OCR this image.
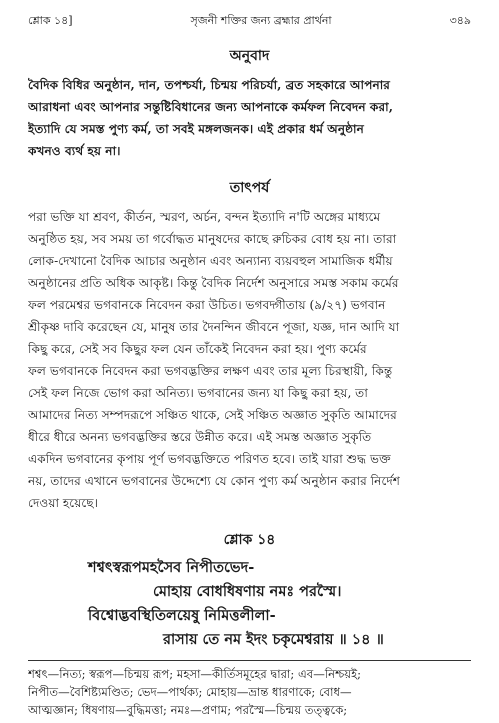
শ্লোক ১৪]	সৃজনী শক্তির জন্য ব্রহ্মার প্রার্থনা	৩৪৯
অনুবাদ
বৈদিক বিধির অনুষ্ঠান, দান, তপশ্চর্যা, চিন্ময় পরিচর্যা, ব্রত সহকারে আপনার
আরাধনা এবং আপনার সন্তুষ্টিবিধানের জন্য আপনাকে কর্মফল নিবেদন করা,
ইত্যাদি যে সমস্ত পুণ্য কর্ম, তা সবই মঙ্গলজনক। এই প্রকার ধর্ম অনুষ্ঠান
কখনও ব্যর্থ হয় না।
তাৎপর্য
পরা ভক্তি যা শ্রবণ, কীর্তন, স্মরণ, অর্চন, বন্দন ইত্যাদি ন'টি অঙ্গের মাধ্যমে
অনুষ্ঠিত হয়, সব সময় তা গর্বোদ্ধত মানুষদের কাছে রুচিকর বোধ হয় না। তারা
লোক-দেখানো বৈদিক আচার অনুষ্ঠান এবং অন্যান্য ব্যয়বহুল সামাজিক ধর্মীয়
অনুষ্ঠানের প্রতি অধিক আকৃষ্ট। কিন্তু বৈদিক নির্দেশ অনুসারে সমস্ত সকাম কর্মের
ফল পরমেশ্বর ভগবানকে নিবেদন করা উচিত। ভগবদ্গীতায় (৯/২৭) ভগবান
শ্রীকৃষ্ণ দাবি করেছেন যে, মানুষ তার দৈনন্দিন জীবনে পূজা, যজ্ঞ, দান আদি যা
কিছু করে, সেই সব কিছুর ফল যেন তাঁকেই নিবেদন করা হয়। পুণ্য কর্মের
ফল ভগবানকে নিবেদন করা ভগবদ্ভক্তির লক্ষণ এবং তার মূল্য চিরস্থায়ী, কিন্তু
সেই ফল নিজে ভোগ করা অনিত্য। ভগবানের জন্য যা কিছু করা হয়, তা
আমাদের নিত্য সম্পদরূপে সঞ্চিত থাকে, সেই সঞ্চিত অজ্ঞাত সুকৃতি আমাদের
ধীরে ধীরে অনন্য ভগবদ্ভক্তির স্তরে উন্নীত করে। এই সমস্ত অজ্ঞাত সুকৃতি
একদিন ভগবানের কৃপায় পূর্ণ ভগবদ্ভক্তিতে পরিণত হবে। তাই যারা শুদ্ধ ভক্ত
নয়, তাদের এখানে ভগবানের উদ্দেশ্যে যে কোন পুণ্য কর্ম অনুষ্ঠান করার নির্দেশ
দেওয়া হয়েছে।
শ্লোক ১৪
শশ্বৎস্বরূপমহসৈব নিপীতভেদ-
মোহায় বোধধিষণায় নমঃ পরস্মৈ।
বিশ্বোদ্ভবস্থিতিলয়েষু নিমিত্তলীলা-
রাসায় তে নম ইদং চকৃমেশ্বরায় ॥ ১৪ ॥
শশ্বৎ—নিত্য; স্বরূপ—চিন্ময় রূপ; মহসা—কীর্তিসমূহের দ্বারা; এব—নিশ্চয়ই;
নিপীত—বৈশিষ্ট্যমণ্ডিত; ভেদ—পার্থক্য; মোহায়—ভ্রান্ত ধারণাকে; বোধ—
আত্মজ্ঞান; ধিষণায়—বুদ্ধিমত্তা; নমঃ—প্রণাম; পরস্মৈ—চিন্ময় তত্ত্বকে;
